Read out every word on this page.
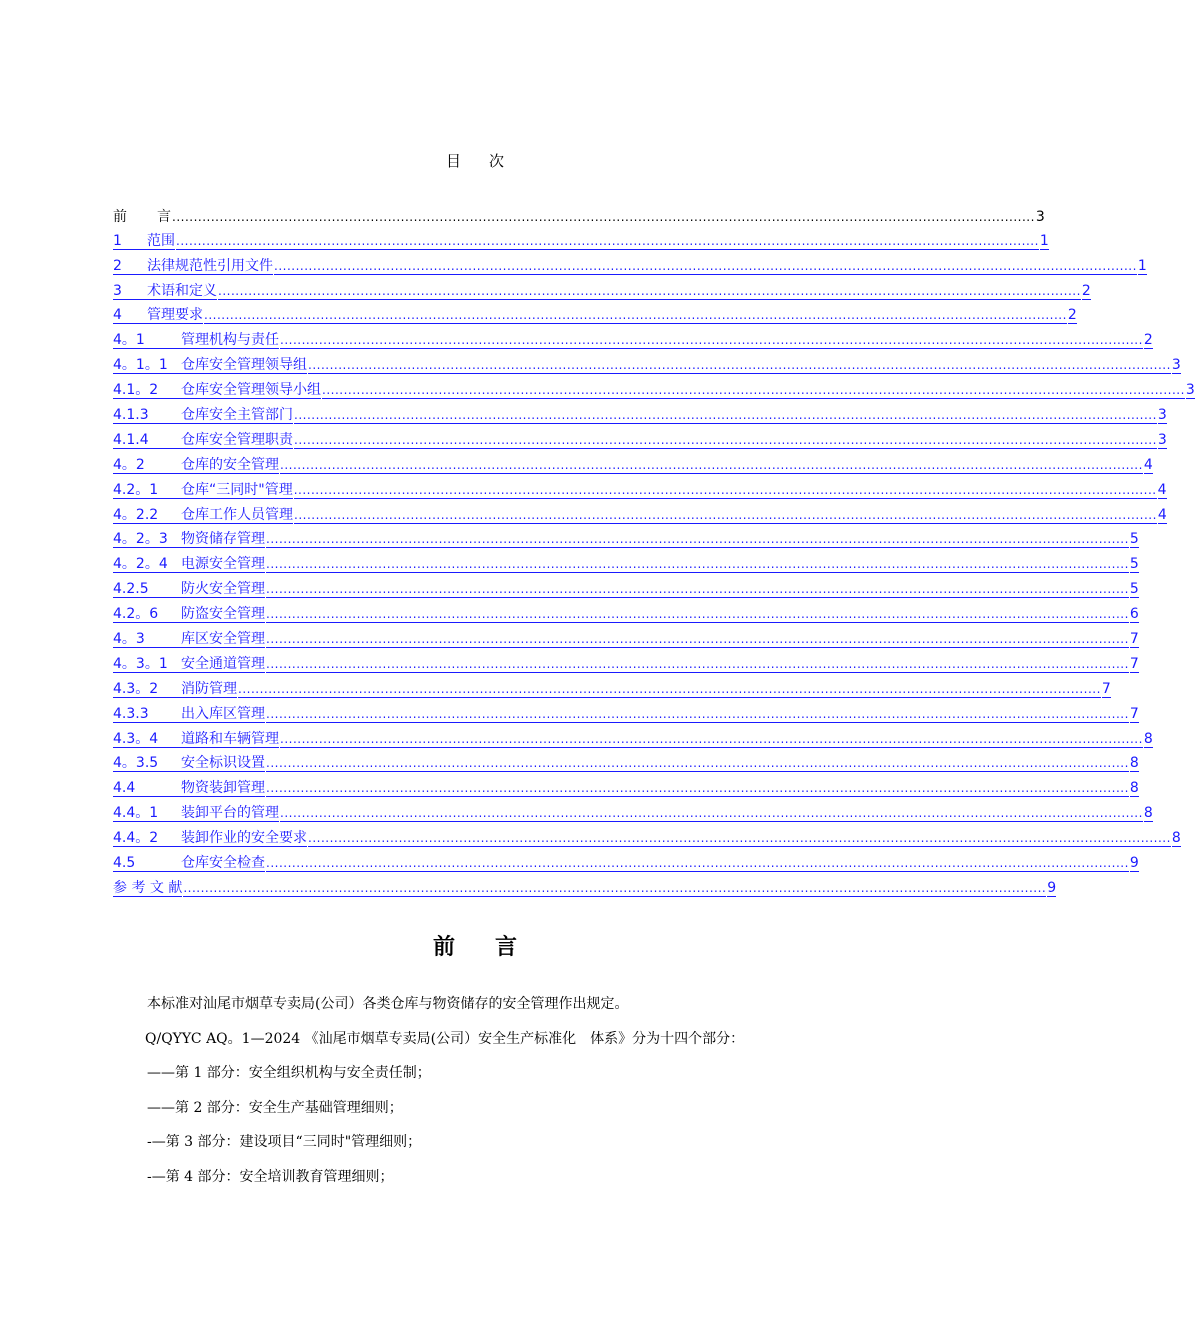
目 次
前 言 ........................................................................................................................................................................................................ 3
1 范围 ........................................................................................................................................................................................................ 1
2 法律规范性引用文件 ........................................................................................................................................................................................................ 1
3 术语和定义 ........................................................................................................................................................................................................ 2
4 管理要求 ........................................................................................................................................................................................................ 2
4。1	管理机构与责任 ........................................................................................................................................................................................................ 2
4。1。1 仓库安全管理领导组 ........................................................................................................................................................................................................ 3
4.1。2 仓库安全管理领导小组 ........................................................................................................................................................................................................ 3
4.1.3 仓库安全主管部门 ........................................................................................................................................................................................................ 3
4.1.4 仓库安全管理职责 ........................................................................................................................................................................................................ 3
4。2	仓库的安全管理 ........................................................................................................................................................................................................ 4
4.2。1 仓库“三同时"管理 ........................................................................................................................................................................................................ 4
4。2.2 仓库工作人员管理 ........................................................................................................................................................................................................ 4
4。2。3 物资储存管理 ........................................................................................................................................................................................................ 5
4。2。4 电源安全管理 ........................................................................................................................................................................................................ 5
4.2.5 防火安全管理 ........................................................................................................................................................................................................ 5
4.2。6 防盗安全管理 ........................................................................................................................................................................................................ 6
4。3	库区安全管理 ........................................................................................................................................................................................................ 7
4。3。1 安全通道管理 ........................................................................................................................................................................................................ 7
4.3。2 消防管理 ........................................................................................................................................................................................................ 7
4.3.3 出入库区管理 ........................................................................................................................................................................................................ 7
4.3。4 道路和车辆管理 ........................................................................................................................................................................................................ 8
4。3.5 安全标识设置 ........................................................................................................................................................................................................ 8
4.4	物资装卸管理 ........................................................................................................................................................................................................ 8
4.4。1 装卸平台的管理 ........................................................................................................................................................................................................ 8
4.4。2 装卸作业的安全要求 ........................................................................................................................................................................................................ 8
4.5	仓库安全检查 ........................................................................................................................................................................................................ 9
参 考 文 献 ........................................................................................................................................................................................................ 9
前 言

本标准对汕尾市烟草专卖局(公司）各类仓库与物资储存的安全管理作出规定。

Q/QYYC AQ。1—2024 《汕尾市烟草专卖局(公司）安全生产标准化　体系》分为十四个部分：

——第 1 部分：安全组织机构与安全责任制；

——第 2 部分：安全生产基础管理细则；

-—第 3 部分：建设项目“三同时"管理细则；

-—第 4 部分：安全培训教育管理细则；
